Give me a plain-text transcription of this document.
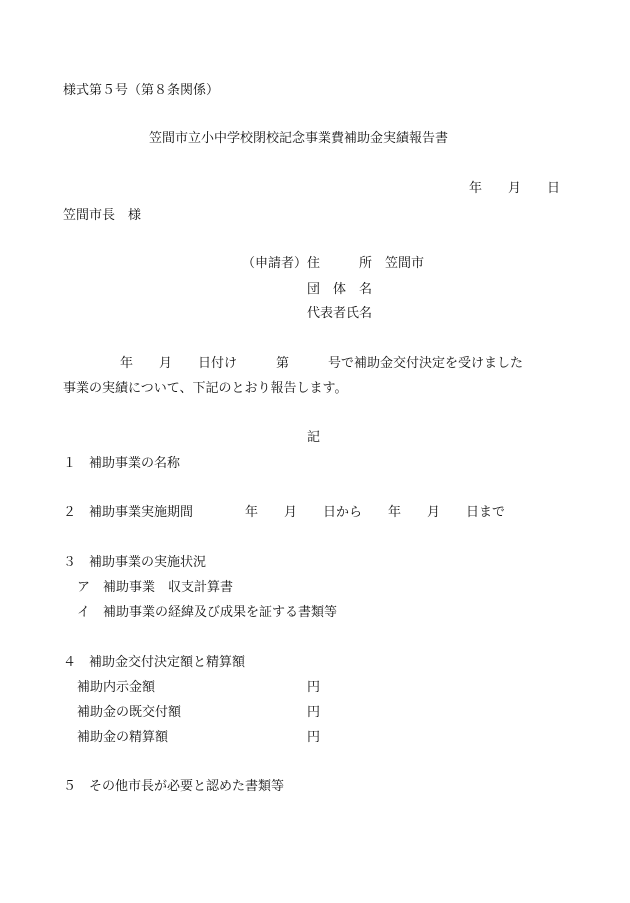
様式第５号（第８条関係）
笠間市立小中学校閉校記念事業費補助金実績報告書
年　　月　　日
笠間市長　様
（申請者）住　　　所　笠間市
団　体　名
代表者氏名
年　　月　　日付け　　　第　　　号で補助金交付決定を受けました
事業の実績について、下記のとおり報告します。
記
１　補助事業の名称
２　補助事業実施期間　　　　年　　月　　日から　　年　　月　　日まで
３　補助事業の実施状況
ア　補助事業　収支計算書
イ　補助事業の経緯及び成果を証する書類等
４　補助金交付決定額と精算額
補助内示金額	円
補助金の既交付額	円
補助金の精算額	円
５　その他市長が必要と認めた書類等
